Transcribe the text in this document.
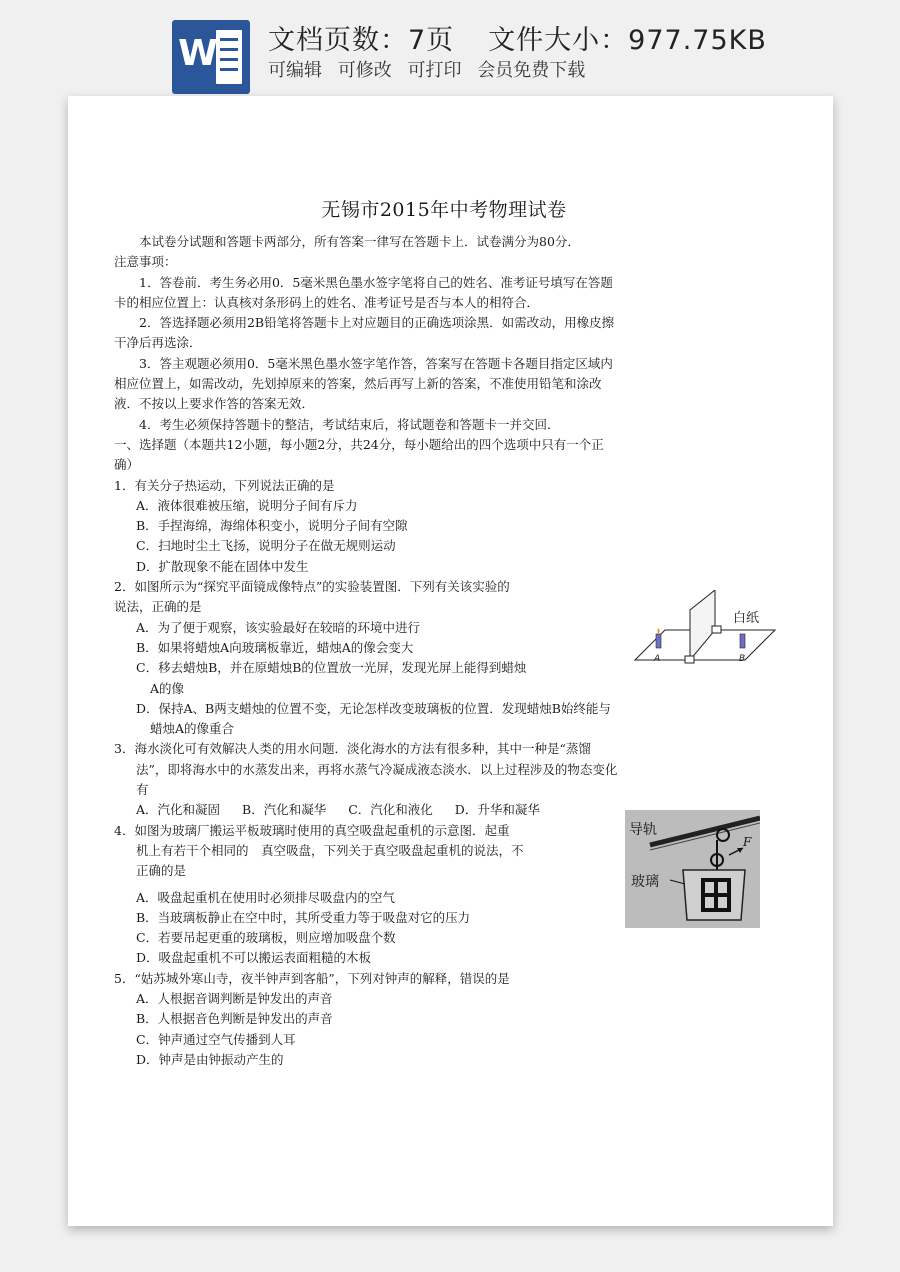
W 文档页数：7页 文件大小：977.75KB
可编辑 可修改 可打印 会员免费下载
无锡市2015年中考物理试卷

本试卷分试题和答题卡两部分，所有答案一律写在答题卡上．试卷满分为80分．

注意事项：

1．答卷前．考生务必用0．5毫米黑色墨水签字笔将自己的姓名、准考证号填写在答题

卡的相应位置上：认真核对条形码上的姓名、准考证号是否与本人的相符合．

2．答选择题必须用2B铅笔将答题卡上对应题目的正确选项涂黑．如需改动，用橡皮擦

干净后再选涂．

3．答主观题必须用0．5毫米黑色墨水签字笔作答，答案写在答题卡各题目指定区域内

相应位置上，如需改动，先划掉原来的答案，然后再写上新的答案，不准使用铅笔和涂改

液．不按以上要求作答的答案无效．

4．考生必须保持答题卡的整洁，考试结束后，将试题卷和答题卡一并交回．

一、选择题（本题共12小题，每小题2分，共24分，每小题给出的四个选项中只有一个正

确）

1．有关分子热运动，下列说法正确的是

A．液体很难被压缩，说明分子间有斥力

B．手捏海绵，海绵体积变小，说明分子间有空隙

C．扫地时尘土飞扬，说明分子在做无规则运动

D．扩散现象不能在固体中发生

2．如图所示为“探究平面镜成像特点”的实验装置图．下列有关该实验的

说法，正确的是

A．为了便于观察，该实验最好在较暗的环境中进行

B．如果将蜡烛A向玻璃板靠近，蜡烛A的像会变大

C．移去蜡烛B，并在原蜡烛B的位置放一光屏，发现光屏上能得到蜡烛

A的像

D．保持A、B两支蜡烛的位置不变，无论怎样改变玻璃板的位置．发现蜡烛B始终能与

蜡烛A的像重合

3．海水淡化可有效解决人类的用水问题．淡化海水的方法有很多种，其中一种是“蒸馏

法”，即将海水中的水蒸发出来，再将水蒸气冷凝成液态淡水．以上过程涉及的物态变化

有

A．汽化和凝固 B．汽化和凝华 C．汽化和液化 D．升华和凝华

4．如图为玻璃厂搬运平板玻璃时使用的真空吸盘起重机的示意图．起重

机上有若干个相同的　真空吸盘，下列关于真空吸盘起重机的说法，不

正确的是

A．吸盘起重机在使用时必须排尽吸盘内的空气

B．当玻璃板静止在空中时，其所受重力等于吸盘对它的压力

C．若要吊起更重的玻璃板，则应增加吸盘个数

D．吸盘起重机不可以搬运表面粗糙的木板

5．“姑苏城外寒山寺，夜半钟声到客船”，下列对钟声的解释，错误的是

A．人根据音调判断是钟发出的声音

B．人根据音色判断是钟发出的声音

C．钟声通过空气传播到人耳

D．钟声是由钟振动产生的

白纸
A	B
导轨
玻璃
F
